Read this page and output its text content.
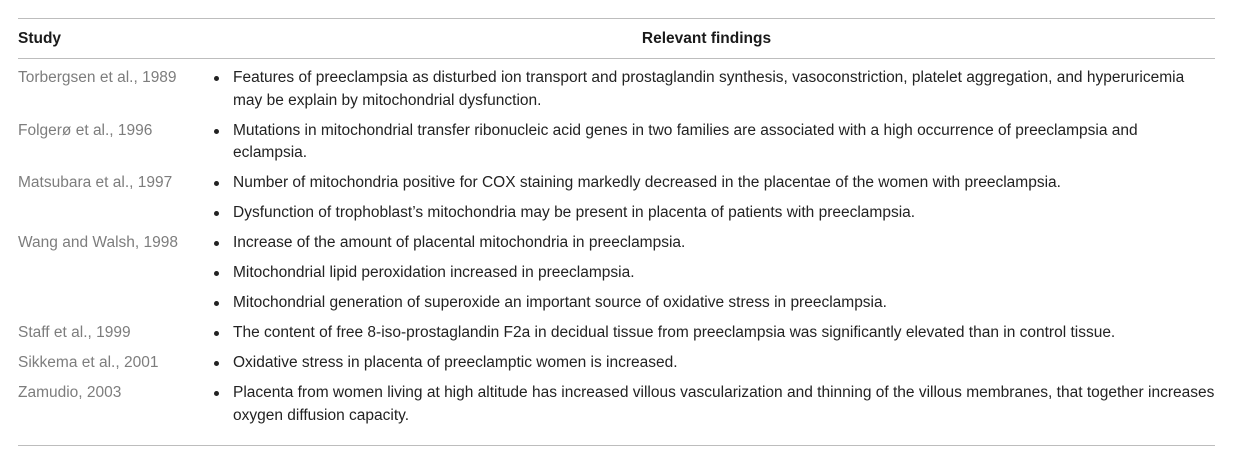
Study	Relevant findings
Torbergsen et al., 1989	Features of preeclampsia as disturbed ion transport and prostaglandin synthesis, vasoconstriction, platelet aggregation, and hyperuricemia may be explain by mitochondrial dysfunction.
Folgerø et al., 1996	Mutations in mitochondrial transfer ribonucleic acid genes in two families are associated with a high occurrence of preeclampsia and eclampsia.
Matsubara et al., 1997	Number of mitochondria positive for COX staining markedly decreased in the placentae of the women with preeclampsia.
Dysfunction of trophoblast’s mitochondria may be present in placenta of patients with preeclampsia.
Wang and Walsh, 1998	Increase of the amount of placental mitochondria in preeclampsia.
Mitochondrial lipid peroxidation increased in preeclampsia.
Mitochondrial generation of superoxide an important source of oxidative stress in preeclampsia.
Staff et al., 1999	The content of free 8-iso-prostaglandin F2a in decidual tissue from preeclampsia was significantly elevated than in control tissue.
Sikkema et al., 2001	Oxidative stress in placenta of preeclamptic women is increased.
Zamudio, 2003	Placenta from women living at high altitude has increased villous vascularization and thinning of the villous membranes, that together increases oxygen diffusion capacity.
